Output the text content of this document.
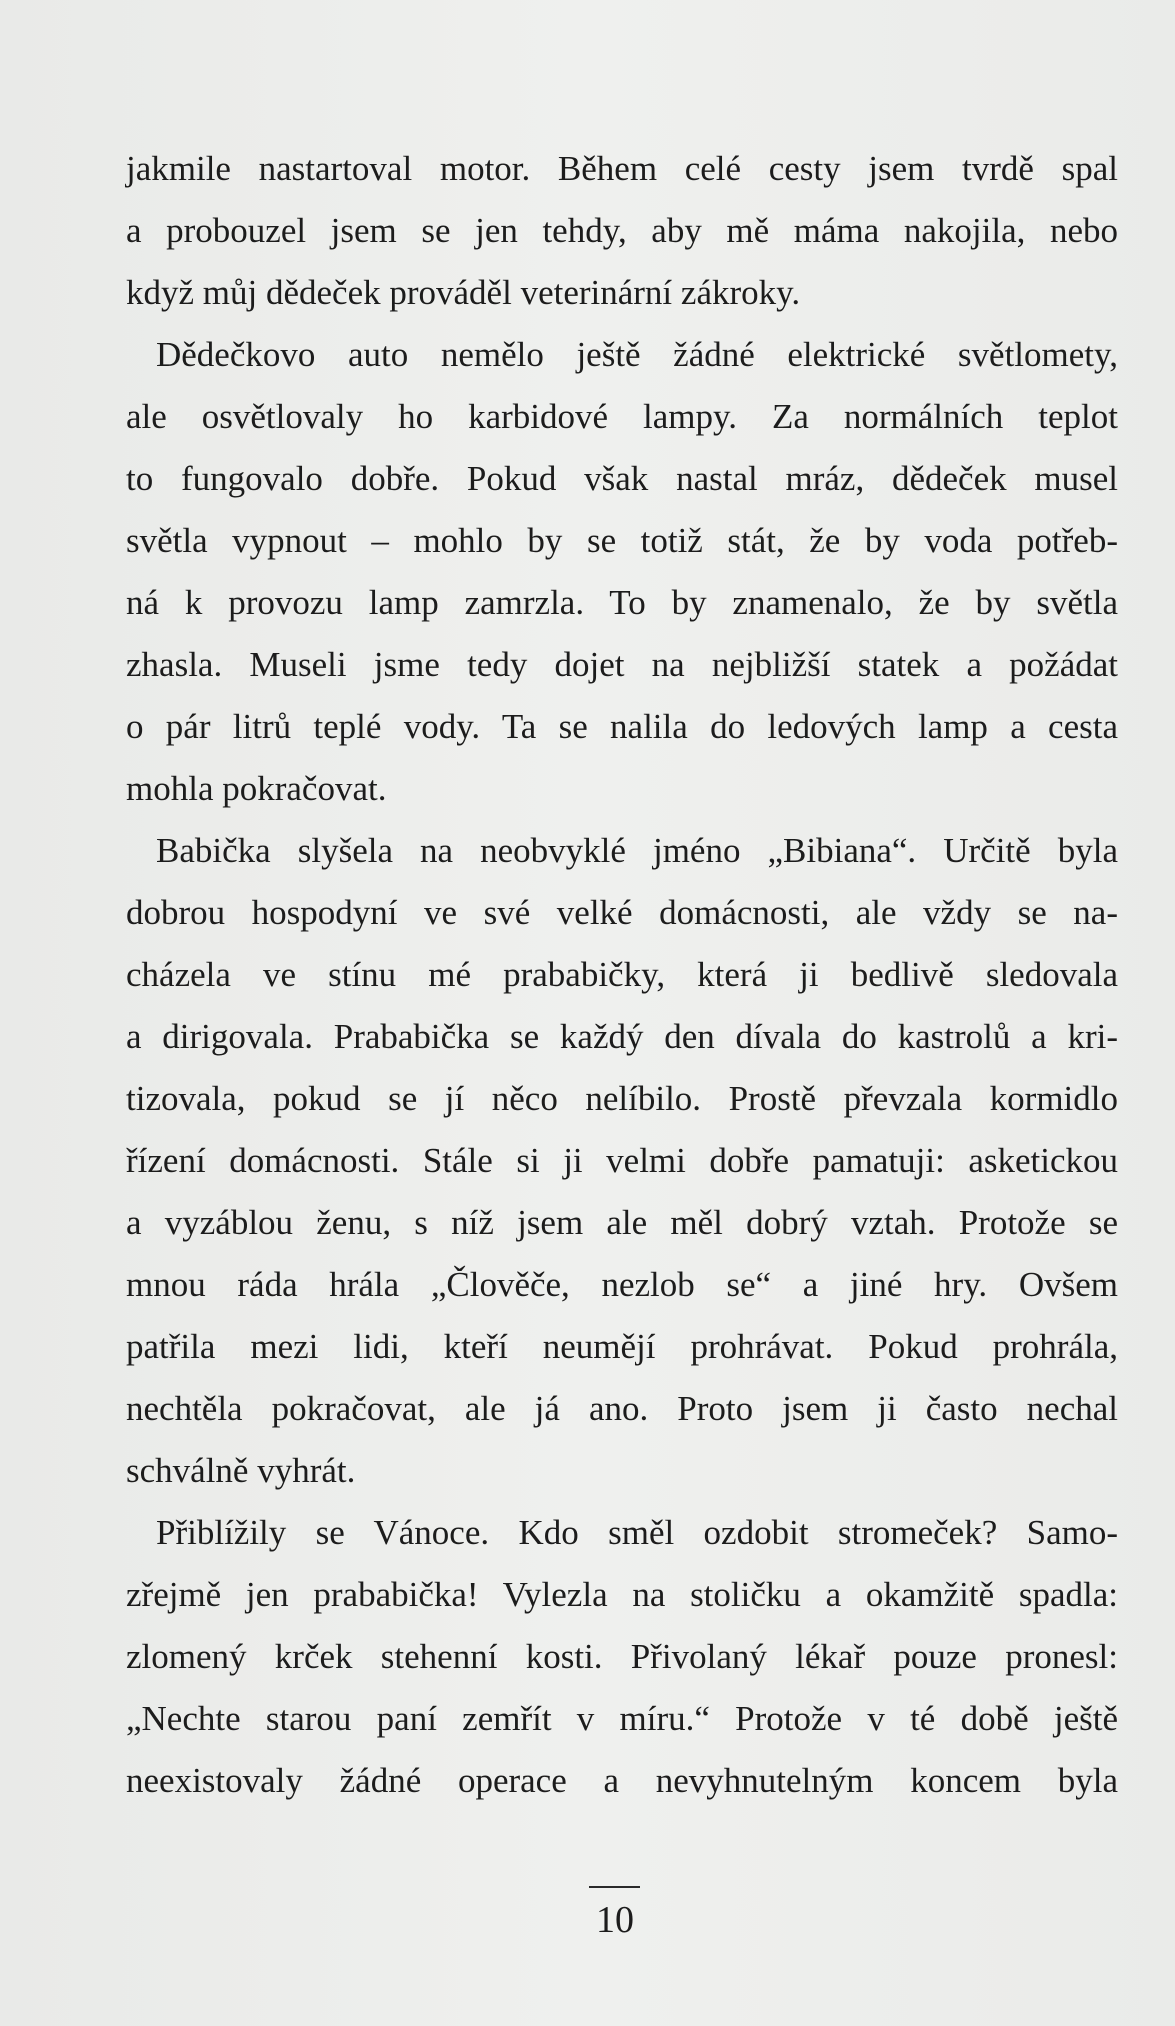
jakmile nastartoval motor. Během celé cesty jsem tvrdě spal
a probouzel jsem se jen tehdy, aby mě máma nakojila, nebo
když můj dědeček prováděl veterinární zákroky.

Dědečkovo auto nemělo ještě žádné elektrické světlomety,
ale osvětlovaly ho karbidové lampy. Za normálních teplot
to fungovalo dobře. Pokud však nastal mráz, dědeček musel
světla vypnout – mohlo by se totiž stát, že by voda potřeb-
ná k provozu lamp zamrzla. To by znamenalo, že by světla
zhasla. Museli jsme tedy dojet na nejbližší statek a požádat
o pár litrů teplé vody. Ta se nalila do ledových lamp a cesta
mohla pokračovat.

Babička slyšela na neobvyklé jméno „Bibiana“. Určitě byla
dobrou hospodyní ve své velké domácnosti, ale vždy se na-
cházela ve stínu mé prababičky, která ji bedlivě sledovala
a dirigovala. Prababička se každý den dívala do kastrolů a kri-
tizovala, pokud se jí něco nelíbilo. Prostě převzala kormidlo
řízení domácnosti. Stále si ji velmi dobře pamatuji: asketickou
a vyzáblou ženu, s níž jsem ale měl dobrý vztah. Protože se
mnou ráda hrála „Člověče, nezlob se“ a jiné hry. Ovšem
patřila mezi lidi, kteří neumějí prohrávat. Pokud prohrála,
nechtěla pokračovat, ale já ano. Proto jsem ji často nechal
schválně vyhrát.

Přiblížily se Vánoce. Kdo směl ozdobit stromeček? Samo-
zřejmě jen prababička! Vylezla na stoličku a okamžitě spadla:
zlomený krček stehenní kosti. Přivolaný lékař pouze pronesl:
„Nechte starou paní zemřít v míru.“ Protože v té době ještě
neexistovaly žádné operace a nevyhnutelným koncem byla

10
